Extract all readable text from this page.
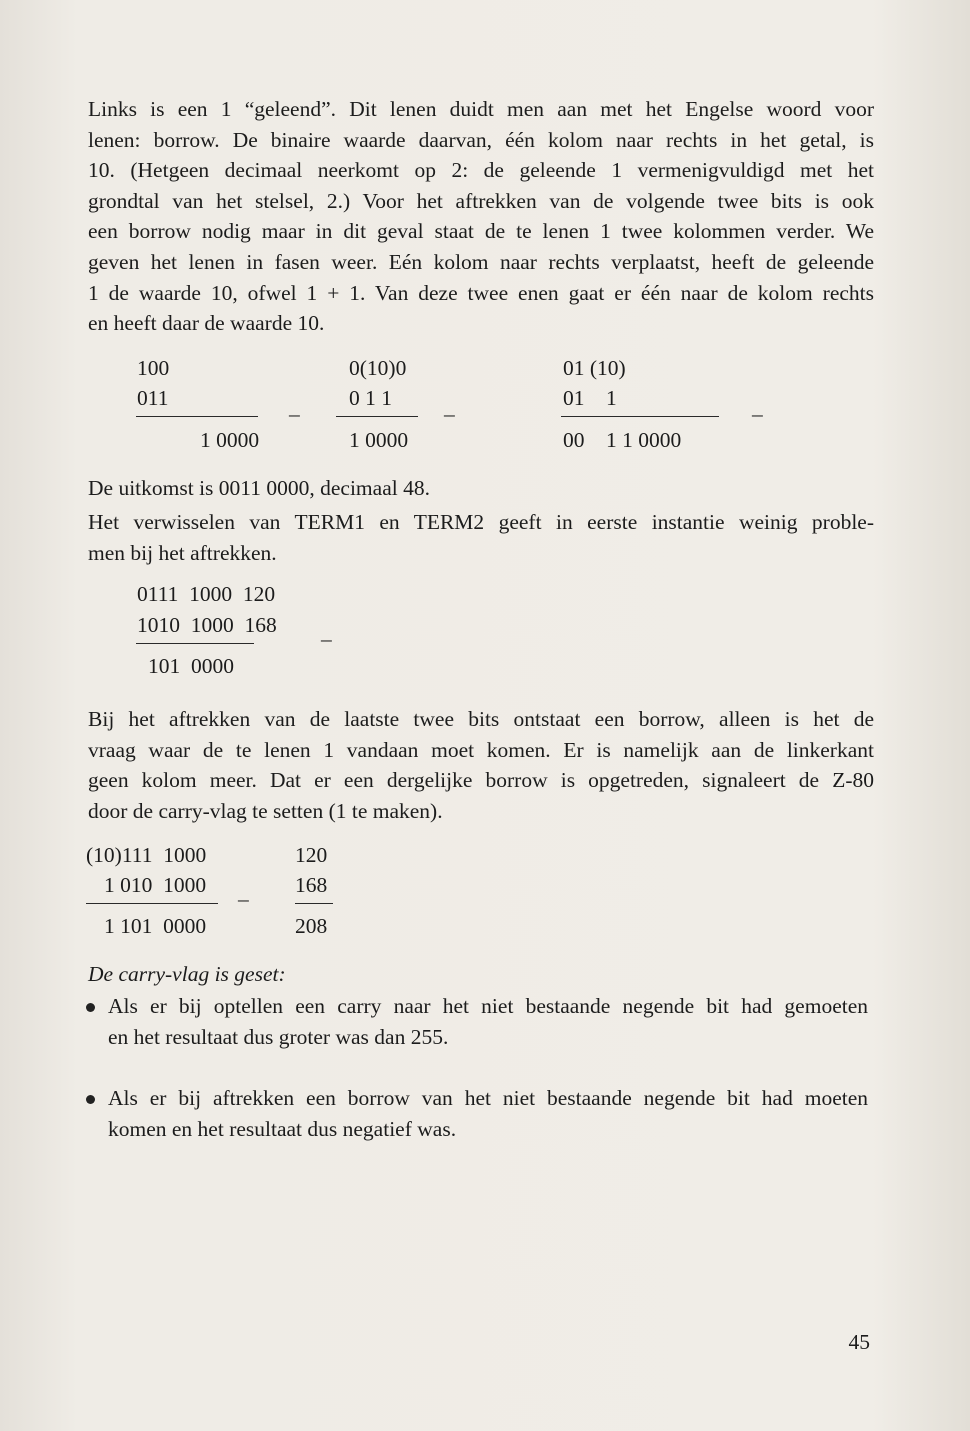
Links is een 1 “geleend”. Dit lenen duidt men aan met het Engelse woord voor
lenen: borrow. De binaire waarde daarvan, één kolom naar rechts in het getal, is
10. (Hetgeen decimaal neerkomt op 2: de geleende 1 vermenigvuldigd met het
grondtal van het stelsel, 2.) Voor het aftrekken van de volgende twee bits is ook
een borrow nodig maar in dit geval staat de te lenen 1 twee kolommen verder. We
geven het lenen in fasen weer. Eén kolom naar rechts verplaatst, heeft de geleende
1 de waarde 10, ofwel 1 + 1. Van deze twee enen gaat er één naar de kolom rechts
en heeft daar de waarde 10.
100
011
1 0000
–
0(10)0
0 1 1
1 0000
–
01 (10)
01    1
00    1 1 0000
–
De uitkomst is 0011 0000, decimaal 48.
Het verwisselen van TERM1 en TERM2 geeft in eerste instantie weinig proble-
men bij het aftrekken.
0111  1000  120
1010  1000  168
–
101  0000
Bij het aftrekken van de laatste twee bits ontstaat een borrow, alleen is het de
vraag waar de te lenen 1 vandaan moet komen. Er is namelijk aan de linkerkant
geen kolom meer. Dat er een dergelijke borrow is opgetreden, signaleert de Z-80
door de carry-vlag te setten (1 te maken).
(10)111  1000	120
1 010  1000	168
–
1 101  0000	208
De carry-vlag is geset:
Als er bij optellen een carry naar het niet bestaande negende bit had gemoeten
en het resultaat dus groter was dan 255.
Als er bij aftrekken een borrow van het niet bestaande negende bit had moeten
komen en het resultaat dus negatief was.
45
